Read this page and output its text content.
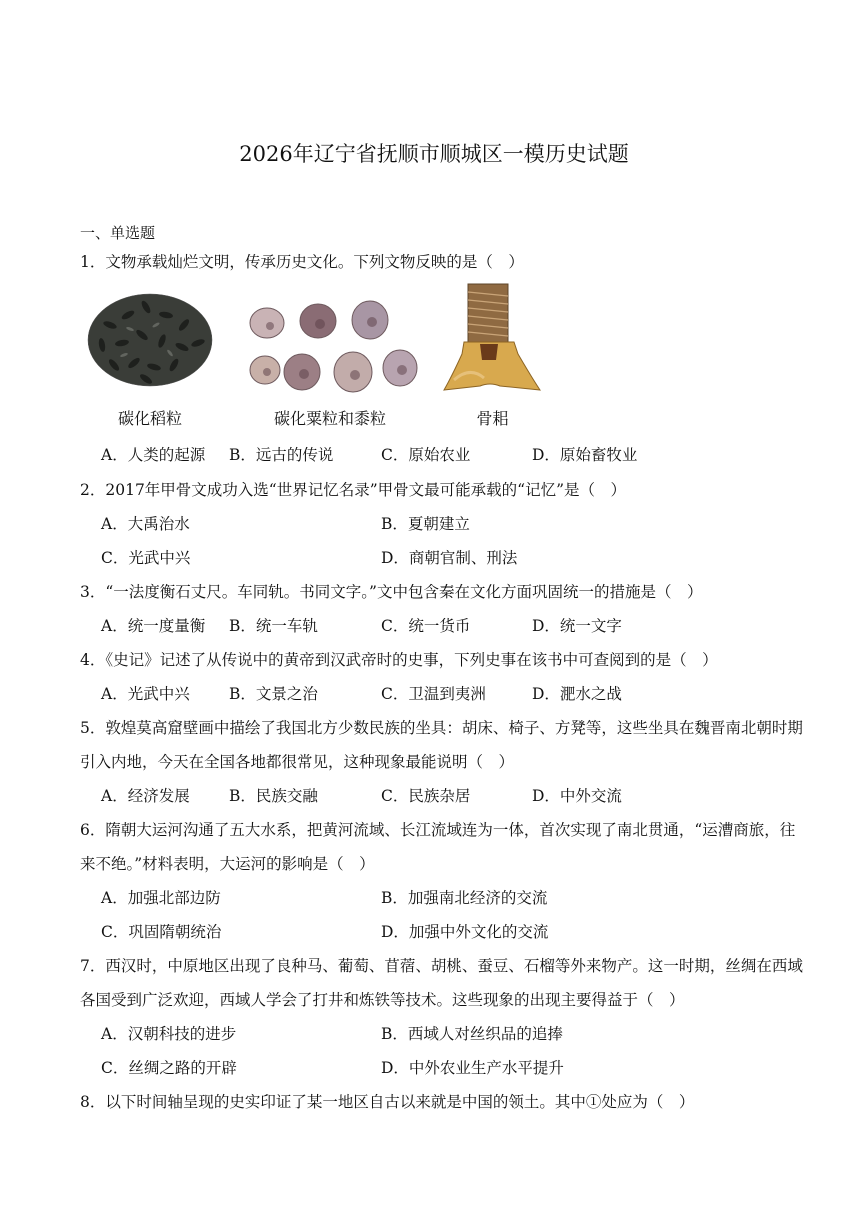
2026年辽宁省抚顺市顺城区一模历史试题
一、单选题
1．文物承载灿烂文明，传承历史文化。下列文物反映的是（　）
碳化稻粒	碳化粟粒和黍粒	骨耜
A．人类的起源 B．远古的传说	C．原始农业	D．原始畜牧业
2．2017年甲骨文成功入选“世界记忆名录”甲骨文最可能承载的“记忆”是（　）
A．大禹治水	B．夏朝建立
C．光武中兴	D．商朝官制、刑法
3．“一法度衡石丈尺。车同轨。书同文字。”文中包含秦在文化方面巩固统一的措施是（　）
A．统一度量衡 B．统一车轨	C．统一货币	D．统一文字
4．《史记》记述了从传说中的黄帝到汉武帝时的史事，下列史事在该书中可查阅到的是（　）
A．光武中兴	B．文景之治	C．卫温到夷洲	D．淝水之战
5．敦煌莫高窟壁画中描绘了我国北方少数民族的坐具：胡床、椅子、方凳等，这些坐具在魏晋南北朝时期
引入内地，今天在全国各地都很常见，这种现象最能说明（　）
A．经济发展	B．民族交融	C．民族杂居	D．中外交流
6．隋朝大运河沟通了五大水系，把黄河流域、长江流域连为一体，首次实现了南北贯通，“运漕商旅，往
来不绝。”材料表明，大运河的影响是（　）
A．加强北部边防	B．加强南北经济的交流
C．巩固隋朝统治	D．加强中外文化的交流
7．西汉时，中原地区出现了良种马、葡萄、苜蓿、胡桃、蚕豆、石榴等外来物产。这一时期，丝绸在西域
各国受到广泛欢迎，西域人学会了打井和炼铁等技术。这些现象的出现主要得益于（　）
A．汉朝科技的进步	B．西域人对丝织品的追捧
C．丝绸之路的开辟	D．中外农业生产水平提升
8．以下时间轴呈现的史实印证了某一地区自古以来就是中国的领土。其中①处应为（　）
